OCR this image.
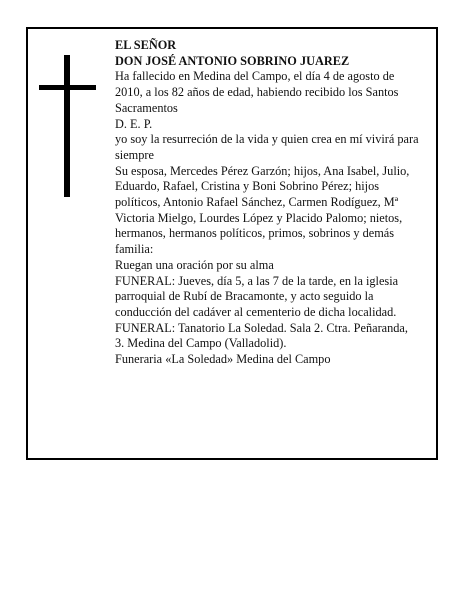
EL SEÑOR

DON JOSÉ ANTONIO SOBRINO JUAREZ

Ha fallecido en Medina del Campo, el día 4 de agosto de 2010, a los 82 años de edad, habiendo recibido los Santos Sacramentos

D. E. P.

yo soy la resurreción de la vida y quien crea en mí vivirá para siempre

Su esposa, Mercedes Pérez Garzón; hijos, Ana Isabel, Julio, Eduardo, Rafael, Cristina y Boni Sobrino Pérez; hijos políticos, Antonio Rafael Sánchez, Carmen Rodíguez, Mª Victoria Mielgo, Lourdes López y Placido Palomo; nietos, hermanos, hermanos políticos, primos, sobrinos y demás familia:

Ruegan una oración por su alma

FUNERAL: Jueves, día 5, a las 7 de la tarde, en la iglesia parroquial de Rubí de Bracamonte, y acto seguido la conducción del cadáver al cementerio de dicha localidad.

FUNERAL: Tanatorio La Soledad. Sala 2. Ctra. Peñaranda, 3. Medina del Campo (Valladolid).

Funeraria «La Soledad» Medina del Campo
